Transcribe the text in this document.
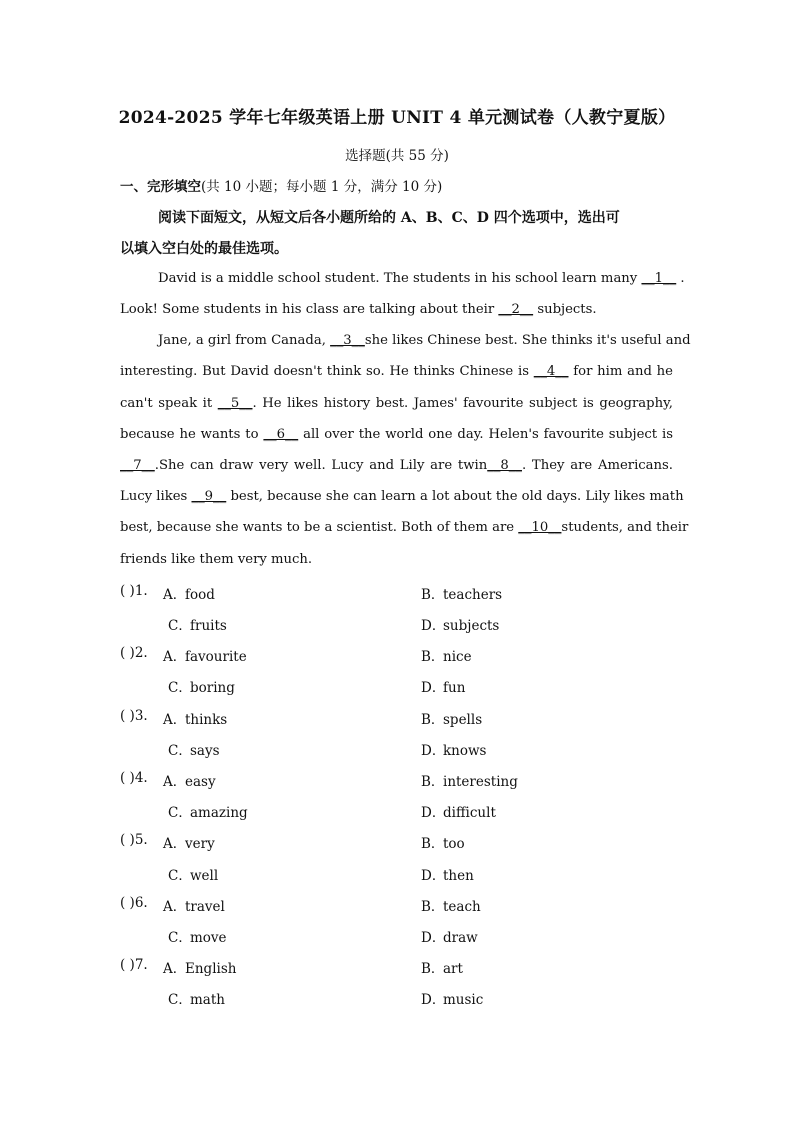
2024-2025 学年七年级英语上册 UNIT 4 单元测试卷（人教宁夏版）
选择题(共 55 分)
一、完形填空(共 10 小题；每小题 1 分，满分 10 分)
阅读下面短文，从短文后各小题所给的 A、B、C、D 四个选项中，选出可
以填入空白处的最佳选项。
David is a middle school student. The students in his school learn many __1__ .
Look! Some students in his class are talking about their __2__ subjects.
Jane, a girl from Canada, __3__she likes Chinese best. She thinks it's useful and
interesting. But David doesn't think so. He thinks Chinese is __4__ for him and he
can't speak it __5__. He likes history best. James' favourite subject is geography,
because he wants to __6__ all over the world one day. Helen's favourite subject is
__7__.She can draw very well. Lucy and Lily are twin__8__. They are Americans.
Lucy likes __9__ best, because she can learn a lot about the old days. Lily likes math
best, because she wants to be a scientist. Both of them are __10__students, and their
friends like them very much.
( )1. A．food	B．teachers
C．fruits	D．subjects
( )2. A．favourite	B．nice
C．boring	D．fun
( )3. A．thinks	B．spells
C．says	D．knows
( )4. A．easy	B．interesting
C．amazing	D．difficult
( )5. A．very	B．too
C．well	D．then
( )6. A．travel	B．teach
C．move	D．draw
( )7. A．English	B．art
C．math	D．music
